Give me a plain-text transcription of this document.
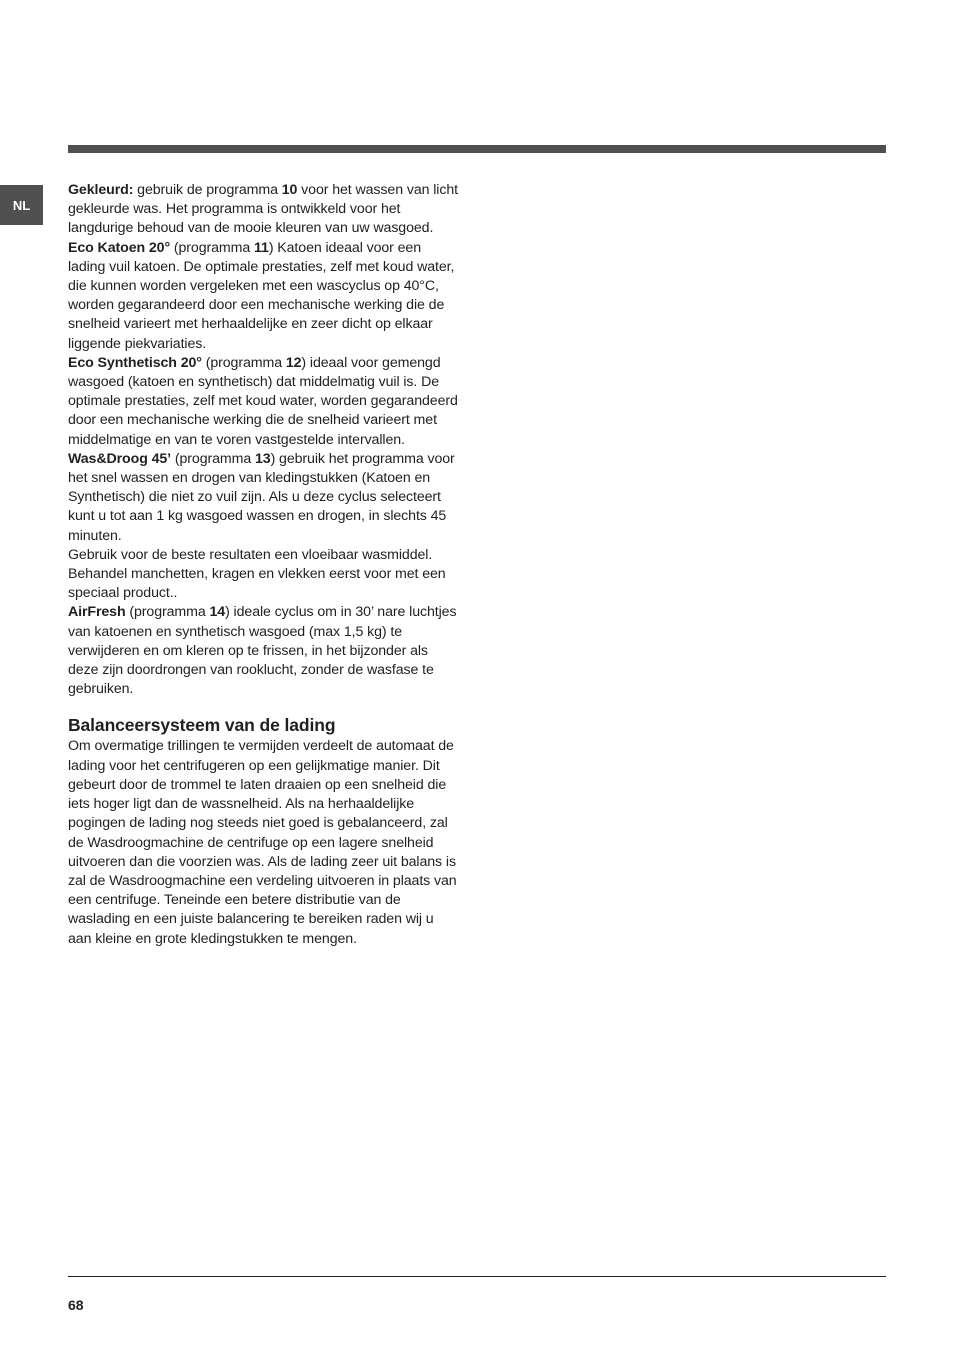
NL

Gekleurd: gebruik de programma 10 voor het wassen van licht gekleurde was. Het programma is ontwikkeld voor het langdurige behoud van de mooie kleuren van uw wasgoed.

Eco Katoen 20° (programma 11) Katoen ideaal voor een lading vuil katoen. De optimale prestaties, zelf met koud water, die kunnen worden vergeleken met een wascyclus op 40°C, worden gegarandeerd door een mechanische werking die de snelheid varieert met herhaaldelijke en zeer dicht op elkaar liggende piekvariaties.

Eco Synthetisch 20° (programma 12) ideaal voor gemengd wasgoed (katoen en synthetisch) dat middelmatig vuil is. De optimale prestaties, zelf met koud water, worden gegarandeerd door een mechanische werking die de snelheid varieert met middelmatige en van te voren vastgestelde intervallen.

Was&Droog 45’ (programma 13) gebruik het programma voor het snel wassen en drogen van kledingstukken (Katoen en Synthetisch) die niet zo vuil zijn. Als u deze cyclus selecteert kunt u tot aan 1 kg wasgoed wassen en drogen, in slechts 45 minuten.

Gebruik voor de beste resultaten een vloeibaar wasmiddel. Behandel manchetten, kragen en vlekken eerst voor met een speciaal product..

AirFresh (programma 14) ideale cyclus om in 30’ nare luchtjes van katoenen en synthetisch wasgoed (max 1,5 kg) te verwijderen en om kleren op te frissen, in het bijzonder als deze zijn doordrongen van rooklucht, zonder de wasfase te gebruiken.

Balanceersysteem van de lading

Om overmatige trillingen te vermijden verdeelt de automaat de lading voor het centrifugeren op een gelijkmatige manier. Dit gebeurt door de trommel te laten draaien op een snelheid die iets hoger ligt dan de wassnelheid. Als na herhaaldelijke pogingen de lading nog steeds niet goed is gebalanceerd, zal de Wasdroogmachine de centrifuge op een lagere snelheid uitvoeren dan die voorzien was. Als de lading zeer uit balans is zal de Wasdroogmachine een verdeling uitvoeren in plaats van een centrifuge. Teneinde een betere distributie van de waslading en een juiste balancering te bereiken raden wij u aan kleine en grote kledingstukken te mengen.

68
